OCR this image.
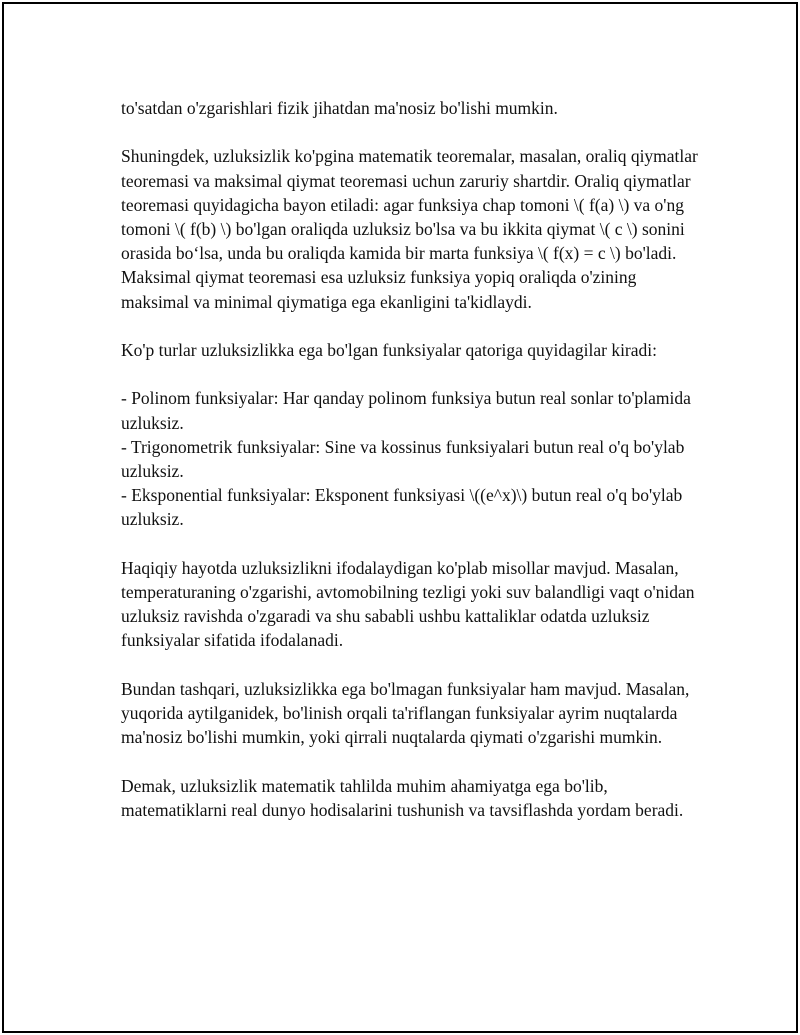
to'satdan o'zgarishlari fizik jihatdan ma'nosiz bo'lishi mumkin.

Shuningdek, uzluksizlik ko'pgina matematik teoremalar, masalan, oraliq qiymatlar teoremasi va maksimal qiymat teoremasi uchun zaruriy shartdir. Oraliq qiymatlar teoremasi quyidagicha bayon etiladi: agar funksiya chap tomoni \( f(a) \) va o'ng tomoni \( f(b) \) bo'lgan oraliqda uzluksiz bo'lsa va bu ikkita qiymat \( c \) sonini orasida bo‘lsa, unda bu oraliqda kamida bir marta funksiya \( f(x) = c \) bo'ladi. Maksimal qiymat teoremasi esa uzluksiz funksiya yopiq oraliqda o'zining maksimal va minimal qiymatiga ega ekanligini ta'kidlaydi.

Ko'p turlar uzluksizlikka ega bo'lgan funksiyalar qatoriga quyidagilar kiradi:

- Polinom funksiyalar: Har qanday polinom funksiya butun real sonlar to'plamida uzluksiz.
- Trigonometrik funksiyalar: Sine va kossinus funksiyalari butun real o'q bo'ylab uzluksiz.
- Eksponential funksiyalar: Eksponent funksiyasi \((e^x)\) butun real o'q bo'ylab uzluksiz.

Haqiqiy hayotda uzluksizlikni ifodalaydigan ko'plab misollar mavjud. Masalan, temperaturaning o'zgarishi, avtomobilning tezligi yoki suv balandligi vaqt o'nidan uzluksiz ravishda o'zgaradi va shu sababli ushbu kattaliklar odatda uzluksiz funksiyalar sifatida ifodalanadi.

Bundan tashqari, uzluksizlikka ega bo'lmagan funksiyalar ham mavjud. Masalan, yuqorida aytilganidek, bo'linish orqali ta'riflangan funksiyalar ayrim nuqtalarda ma'nosiz bo'lishi mumkin, yoki qirrali nuqtalarda qiymati o'zgarishi mumkin.

Demak, uzluksizlik matematik tahlilda muhim ahamiyatga ega bo'lib, matematiklarni real dunyo hodisalarini tushunish va tavsiflashda yordam beradi.
